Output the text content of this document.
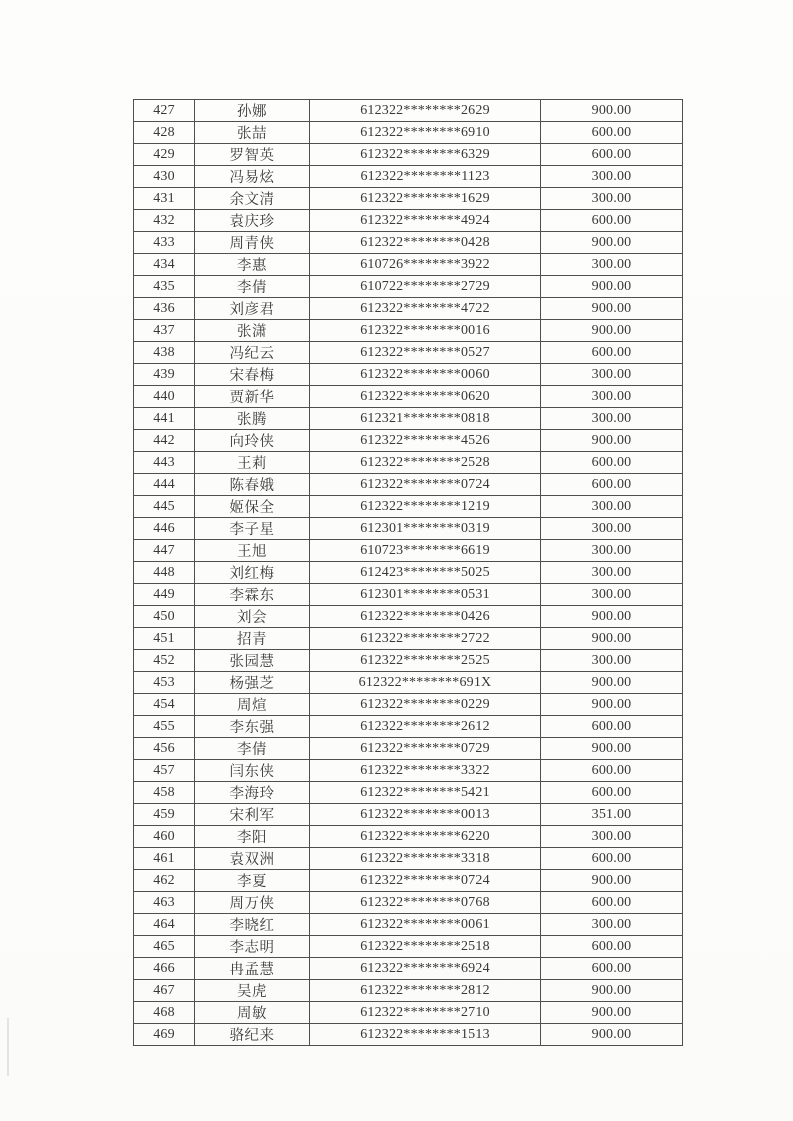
427	孙娜	612322********2629	900.00
428	张喆	612322********6910	600.00
429	罗智英	612322********6329	600.00
430	冯易炫	612322********1123	300.00
431	余文清	612322********1629	300.00
432	袁庆珍	612322********4924	600.00
433	周青侠	612322********0428	900.00
434	李惠	610726********3922	300.00
435	李倩	610722********2729	900.00
436	刘彦君	612322********4722	900.00
437	张潇	612322********0016	900.00
438	冯纪云	612322********0527	600.00
439	宋春梅	612322********0060	300.00
440	贾新华	612322********0620	300.00
441	张腾	612321********0818	300.00
442	向玲侠	612322********4526	900.00
443	王莉	612322********2528	600.00
444	陈春娥	612322********0724	600.00
445	姬保全	612322********1219	300.00
446	李子星	612301********0319	300.00
447	王旭	610723********6619	300.00
448	刘红梅	612423********5025	300.00
449	李霖东	612301********0531	300.00
450	刘会	612322********0426	900.00
451	招青	612322********2722	900.00
452	张园慧	612322********2525	300.00
453	杨强芝	612322********691X	900.00
454	周煊	612322********0229	900.00
455	李东强	612322********2612	600.00
456	李倩	612322********0729	900.00
457	闫东侠	612322********3322	600.00
458	李海玲	612322********5421	600.00
459	宋利军	612322********0013	351.00
460	李阳	612322********6220	300.00
461	袁双洲	612322********3318	600.00
462	李夏	612322********0724	900.00
463	周万侠	612322********0768	600.00
464	李晓红	612322********0061	300.00
465	李志明	612322********2518	600.00
466	冉孟慧	612322********6924	600.00
467	吴虎	612322********2812	900.00
468	周敏	612322********2710	900.00
469	骆纪来	612322********1513	900.00
